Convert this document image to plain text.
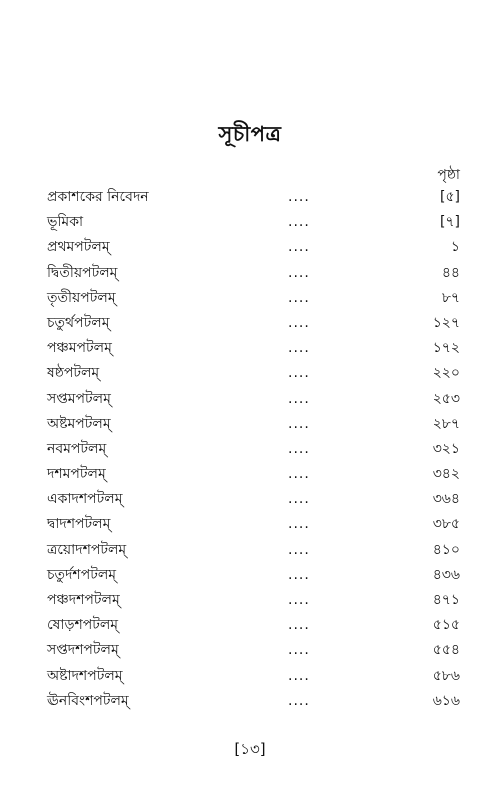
সূচীপত্র
পৃষ্ঠা
প্রকাশকের নিবেদন	....	[৫]
ভূমিকা	....	[৭]
প্রথমপটলম্	....	১
দ্বিতীয়পটলম্	....	৪৪
তৃতীয়পটলম্	....	৮৭
চতুর্থপটলম্	....	১২৭
পঞ্চমপটলম্	....	১৭২
ষষ্ঠপটলম্	....	২২০
সপ্তমপটলম্	....	২৫৩
অষ্টমপটলম্	....	২৮৭
নবমপটলম্	....	৩২১
দশমপটলম্	....	৩৪২
একাদশপটলম্	....	৩৬৪
দ্বাদশপটলম্	....	৩৮৫
ত্রয়োদশপটলম্	....	৪১০
চতুর্দশপটলম্	....	৪৩৬
পঞ্চদশপটলম্	....	৪৭১
ষোড়শপটলম্	....	৫১৫
সপ্তদশপটলম্	....	৫৫৪
অষ্টাদশপটলম্	....	৫৮৬
ঊনবিংশপটলম্	....	৬১৬
[১৩]
